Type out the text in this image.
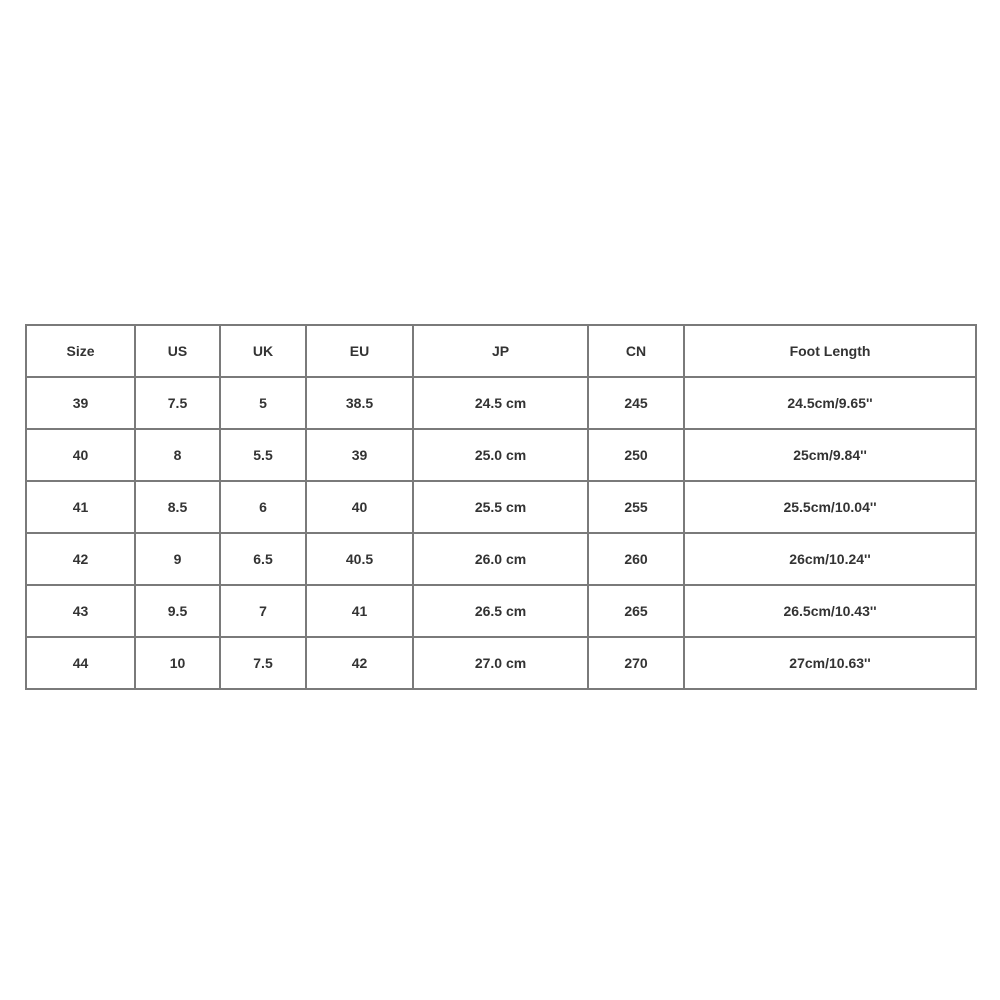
Size	US	UK	EU	JP	CN	Foot Length
39	7.5	5	38.5	24.5 cm	245	24.5cm/9.65''
40	8	5.5	39	25.0 cm	250	25cm/9.84''
41	8.5	6	40	25.5 cm	255	25.5cm/10.04''
42	9	6.5	40.5	26.0 cm	260	26cm/10.24''
43	9.5	7	41	26.5 cm	265	26.5cm/10.43''
44	10	7.5	42	27.0 cm	270	27cm/10.63''
